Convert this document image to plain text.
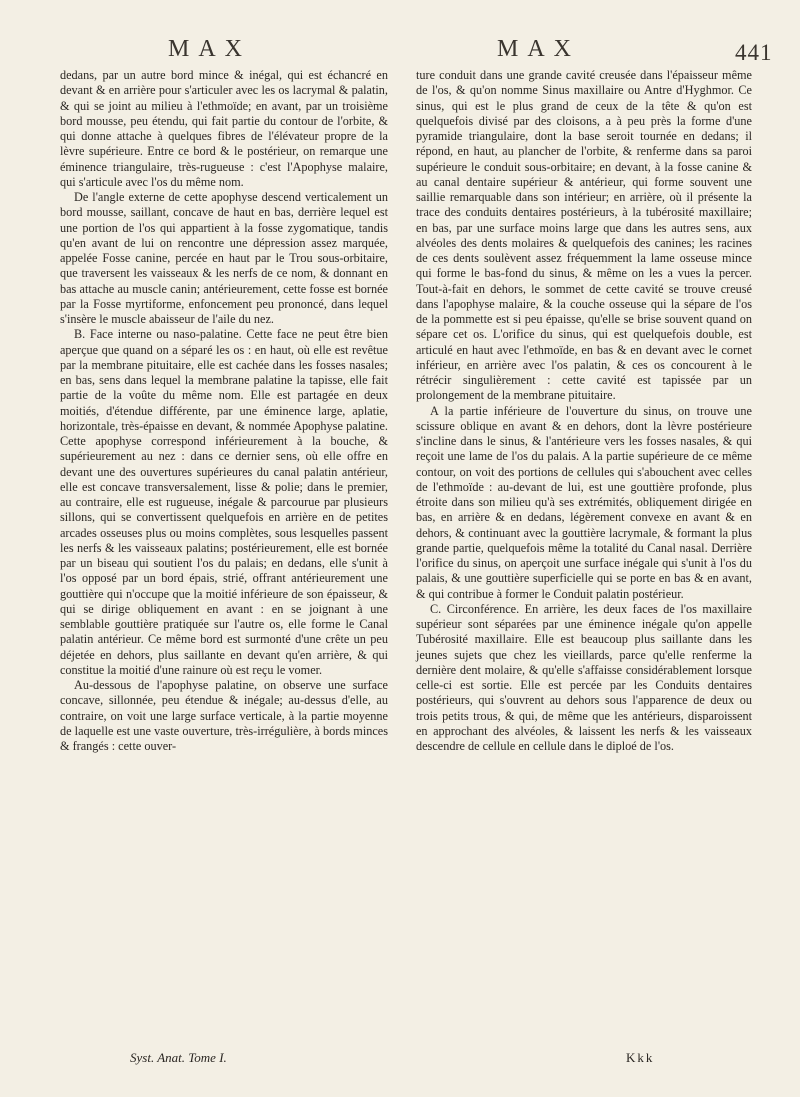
MAX	MAX	441

dedans, par un autre bord mince & inégal, qui est échancré en devant & en arrière pour s'articuler avec les os lacrymal & palatin, & qui se joint au milieu à l'ethmoïde; en avant, par un troisième bord mousse, peu étendu, qui fait partie du contour de l'orbite, & qui donne attache à quelques fibres de l'élévateur propre de la lèvre supérieure. Entre ce bord & le postérieur, on remarque une éminence triangulaire, très-rugueuse : c'est l'Apophyse malaire, qui s'articule avec l'os du même nom.

De l'angle externe de cette apophyse descend verticalement un bord mousse, saillant, concave de haut en bas, derrière lequel est une portion de l'os qui appartient à la fosse zygomatique, tandis qu'en avant de lui on rencontre une dépression assez marquée, appelée Fosse canine, percée en haut par le Trou sous-orbitaire, que traversent les vaisseaux & les nerfs de ce nom, & donnant en bas attache au muscle canin; antérieurement, cette fosse est bornée par la Fosse myrtiforme, enfoncement peu prononcé, dans lequel s'insère le muscle abaisseur de l'aile du nez.

B. Face interne ou naso-palatine. Cette face ne peut être bien aperçue que quand on a séparé les os : en haut, où elle est revêtue par la membrane pituitaire, elle est cachée dans les fosses nasales; en bas, sens dans lequel la membrane palatine la tapisse, elle fait partie de la voûte du même nom. Elle est partagée en deux moitiés, d'étendue différente, par une éminence large, aplatie, horizontale, très-épaisse en devant, & nommée Apophyse palatine. Cette apophyse correspond inférieurement à la bouche, & supérieurement au nez : dans ce dernier sens, où elle offre en devant une des ouvertures supérieures du canal palatin antérieur, elle est concave transversalement, lisse & polie; dans le premier, au contraire, elle est rugueuse, inégale & parcourue par plusieurs sillons, qui se convertissent quelquefois en arrière en de petites arcades osseuses plus ou moins complètes, sous lesquelles passent les nerfs & les vaisseaux palatins; postérieurement, elle est bornée par un biseau qui soutient l'os du palais; en dedans, elle s'unit à l'os opposé par un bord épais, strié, offrant antérieurement une gouttière qui n'occupe que la moitié inférieure de son épaisseur, & qui se dirige obliquement en avant : en se joignant à une semblable gouttière pratiquée sur l'autre os, elle forme le Canal palatin antérieur. Ce même bord est surmonté d'une crête un peu déjetée en dehors, plus saillante en devant qu'en arrière, & qui constitue la moitié d'une rainure où est reçu le vomer.

Au-dessous de l'apophyse palatine, on observe une surface concave, sillonnée, peu étendue & inégale; au-dessus d'elle, au contraire, on voit une large surface verticale, à la partie moyenne de laquelle est une vaste ouverture, très-irrégulière, à bords minces & frangés : cette ouver-

ture conduit dans une grande cavité creusée dans l'épaisseur même de l'os, & qu'on nomme Sinus maxillaire ou Antre d'Hyghmor. Ce sinus, qui est le plus grand de ceux de la tête & qu'on est quelquefois divisé par des cloisons, a à peu près la forme d'une pyramide triangulaire, dont la base seroit tournée en dedans; il répond, en haut, au plancher de l'orbite, & renferme dans sa paroi supérieure le conduit sous-orbitaire; en devant, à la fosse canine & au canal dentaire supérieur & antérieur, qui forme souvent une saillie remarquable dans son intérieur; en arrière, où il présente la trace des conduits dentaires postérieurs, à la tubérosité maxillaire; en bas, par une surface moins large que dans les autres sens, aux alvéoles des dents molaires & quelquefois des canines; les racines de ces dents soulèvent assez fréquemment la lame osseuse mince qui forme le bas-fond du sinus, & même on les a vues la percer. Tout-à-fait en dehors, le sommet de cette cavité se trouve creusé dans l'apophyse malaire, & la couche osseuse qui la sépare de l'os de la pommette est si peu épaisse, qu'elle se brise souvent quand on sépare cet os. L'orifice du sinus, qui est quelquefois double, est articulé en haut avec l'ethmoïde, en bas & en devant avec le cornet inférieur, en arrière avec l'os palatin, & ces os concourent à le rétrécir singulièrement : cette cavité est tapissée par un prolongement de la membrane pituitaire.

A la partie inférieure de l'ouverture du sinus, on trouve une scissure oblique en avant & en dehors, dont la lèvre postérieure s'incline dans le sinus, & l'antérieure vers les fosses nasales, & qui reçoit une lame de l'os du palais. A la partie supérieure de ce même contour, on voit des portions de cellules qui s'abouchent avec celles de l'ethmoïde : au-devant de lui, est une gouttière profonde, plus étroite dans son milieu qu'à ses extrémités, obliquement dirigée en bas, en arrière & en dedans, légèrement convexe en avant & en dehors, & continuant avec la gouttière lacrymale, & formant la plus grande partie, quelquefois même la totalité du Canal nasal. Derrière l'orifice du sinus, on aperçoit une surface inégale qui s'unit à l'os du palais, & une gouttière superficielle qui se porte en bas & en avant, & qui contribue à former le Conduit palatin postérieur.

C. Circonférence. En arrière, les deux faces de l'os maxillaire supérieur sont séparées par une éminence inégale qu'on appelle Tubérosité maxillaire. Elle est beaucoup plus saillante dans les jeunes sujets que chez les vieillards, parce qu'elle renferme la dernière dent molaire, & qu'elle s'affaisse considérablement lorsque celle-ci est sortie. Elle est percée par les Conduits dentaires postérieurs, qui s'ouvrent au dehors sous l'apparence de deux ou trois petits trous, & qui, de même que les antérieurs, disparoissent en approchant des alvéoles, & laissent les nerfs & les vaisseaux descendre de cellule en cellule dans le diploé de l'os.

Syst. Anat. Tome I.	Kkk
